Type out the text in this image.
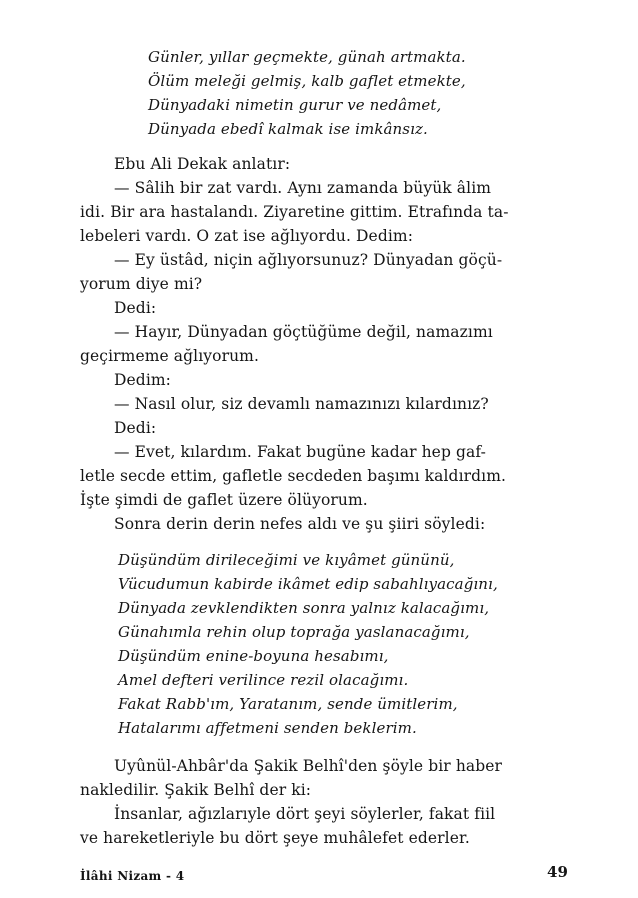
Günler, yıllar geçmekte, günah artmakta.

Ölüm meleği gelmiş, kalb gaflet etmekte,

Dünyadaki nimetin gurur ve nedâmet,

Dünyada ebedî kalmak ise imkânsız.

Ebu Ali Dekak anlatır:

— Sâlih bir zat vardı. Aynı zamanda büyük âlim

idi. Bir ara hastalandı. Ziyaretine gittim. Etrafında ta-

lebeleri vardı. O zat ise ağlıyordu. Dedim:

— Ey üstâd, niçin ağlıyorsunuz? Dünyadan göçü-

yorum diye mi?

Dedi:

— Hayır, Dünyadan göçtüğüme değil, namazımı

geçirmeme ağlıyorum.

Dedim:

— Nasıl olur, siz devamlı namazınızı kılardınız?

Dedi:

— Evet, kılardım. Fakat bugüne kadar hep gaf-

letle secde ettim, gafletle secdeden başımı kaldırdım.

İşte şimdi de gaflet üzere ölüyorum.

Sonra derin derin nefes aldı ve şu şiiri söyledi:

Düşündüm dirileceğimi ve kıyâmet gününü,

Vücudumun kabirde ikâmet edip sabahlıyacağını,

Dünyada zevklendikten sonra yalnız kalacağımı,

Günahımla rehin olup toprağa yaslanacağımı,

Düşündüm enine-boyuna hesabımı,

Amel defteri verilince rezil olacağımı.

Fakat Rabb'ım, Yaratanım, sende ümitlerim,

Hatalarımı affetmeni senden beklerim.

Uyûnül-Ahbâr'da Şakik Belhî'den şöyle bir haber

nakledilir. Şakik Belhî der ki:

İnsanlar, ağızlarıyle dört şeyi söylerler, fakat fiil

ve hareketleriyle bu dört şeye muhâlefet ederler.

İlâhi Nizam - 4	49
